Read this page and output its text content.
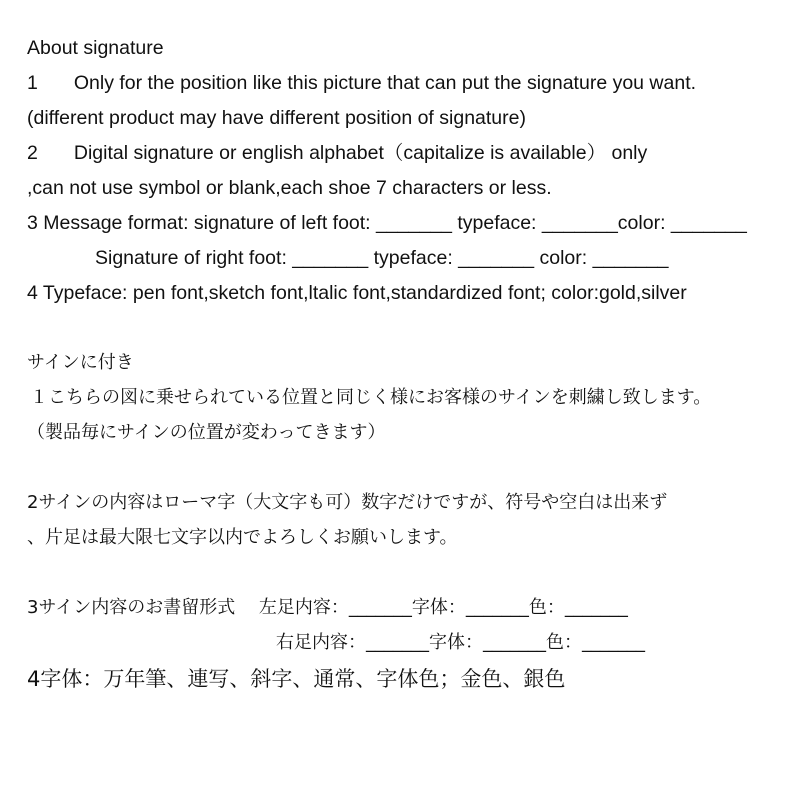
About signature
1 Only for the position like this picture that can put the signature you want.
(different product may have different position of signature)
2 Digital signature or english alphabet（capitalize is available） only
,can not use symbol or blank,each shoe 7 characters or less.
3 Message format: signature of left foot: _______ typeface: _______color: _______
Signature of right foot: _______ typeface: _______ color: _______
4 Typeface: pen font,sketch font,ltalic font,standardized font; color:gold,silver
サインに付き
１こちらの図に乗せられている位置と同じく様にお客様のサインを刺繍し致します。
（製品毎にサインの位置が変わってきます）
2サインの内容はローマ字（大文字も可）数字だけですが、符号や空白は出来ず
、片足は最大限七文字以内でよろしくお願いします。
3サイン内容のお書留形式　 左足内容：_______字体：_______色：_______
右足内容：_______字体：_______色：_______
4字体：万年筆、連写、斜字、通常、字体色；金色、銀色
